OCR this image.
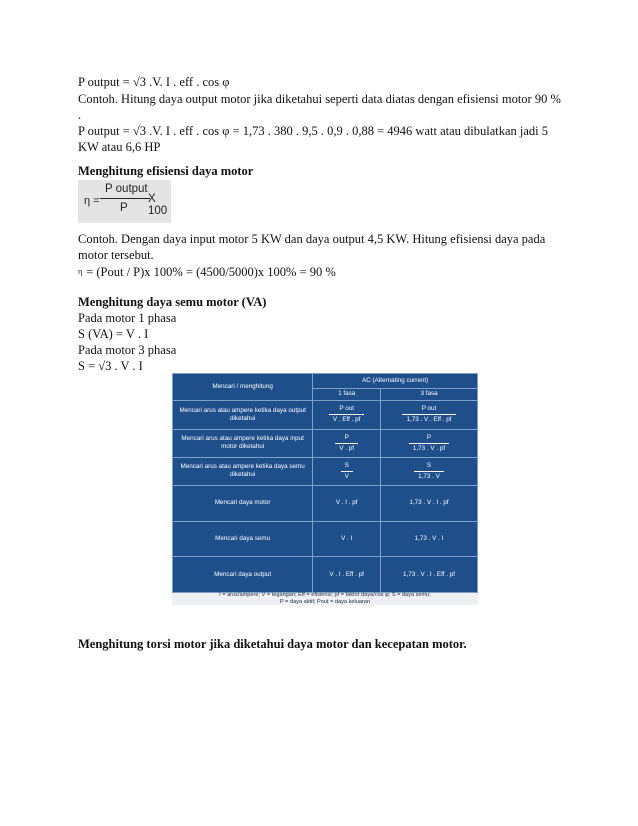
P output = √3 .V. I . eff . cos φ
Contoh. Hitung daya output motor jika diketahui seperti data diatas dengan efisiensi motor 90 %
.
P output = √3 .V. I . eff . cos φ = 1,73 . 380 . 9,5 . 0,9 . 0,88 = 4946 watt atau dibulatkan jadi 5
KW atau 6,6 HP
Menghitung efisiensi daya motor
η =
P output
P
X 100
Contoh. Dengan daya input motor 5 KW dan daya output 4,5 KW. Hitung efisiensi daya pada
motor tersebut.
$^\eta$ = (Pout / P)x 100% = (4500/5000)x 100% = 90 %
Menghitung daya semu motor (VA)
Pada motor 1 phasa
S (VA) = V . I
Pada motor 3 phasa
S = √3 . V . I
Mencari / menghitung	AC (Alternating current)	
	1 fasa	3 fasa
Mencari arus atau ampere ketika daya output diketahui	$\frac{\text{P out}}{\text{V . Eff . pf}}$	$\frac{\text{P out}}{\text{1,73 . V . Eff . pf}}$

Mencari arus atau ampere ketika daya input motor diketahui	$\frac{P}{V . pf}$	$\frac{P}{1,73 . V . pf}$

Mencari arus atau ampere ketika daya semu diketahui	$\frac{S}{V}$	$\frac{S}{1,73 . V}$

Mencari daya motor	V . I . pf	1,73 . V . I . pf
Mencari daya semu	V . I	1,73 . V . I
Mencari daya output	V . I . Eff . pf	1,73 . V . I . Eff . pf
I = arus/ampere; V = tegangan; Eff = efisiensi; pf = faktor daya/cos φ; S = daya semu;
P = daya aktif; Pout = daya keluaran
Menghitung torsi motor jika diketahui daya motor dan kecepatan motor.
